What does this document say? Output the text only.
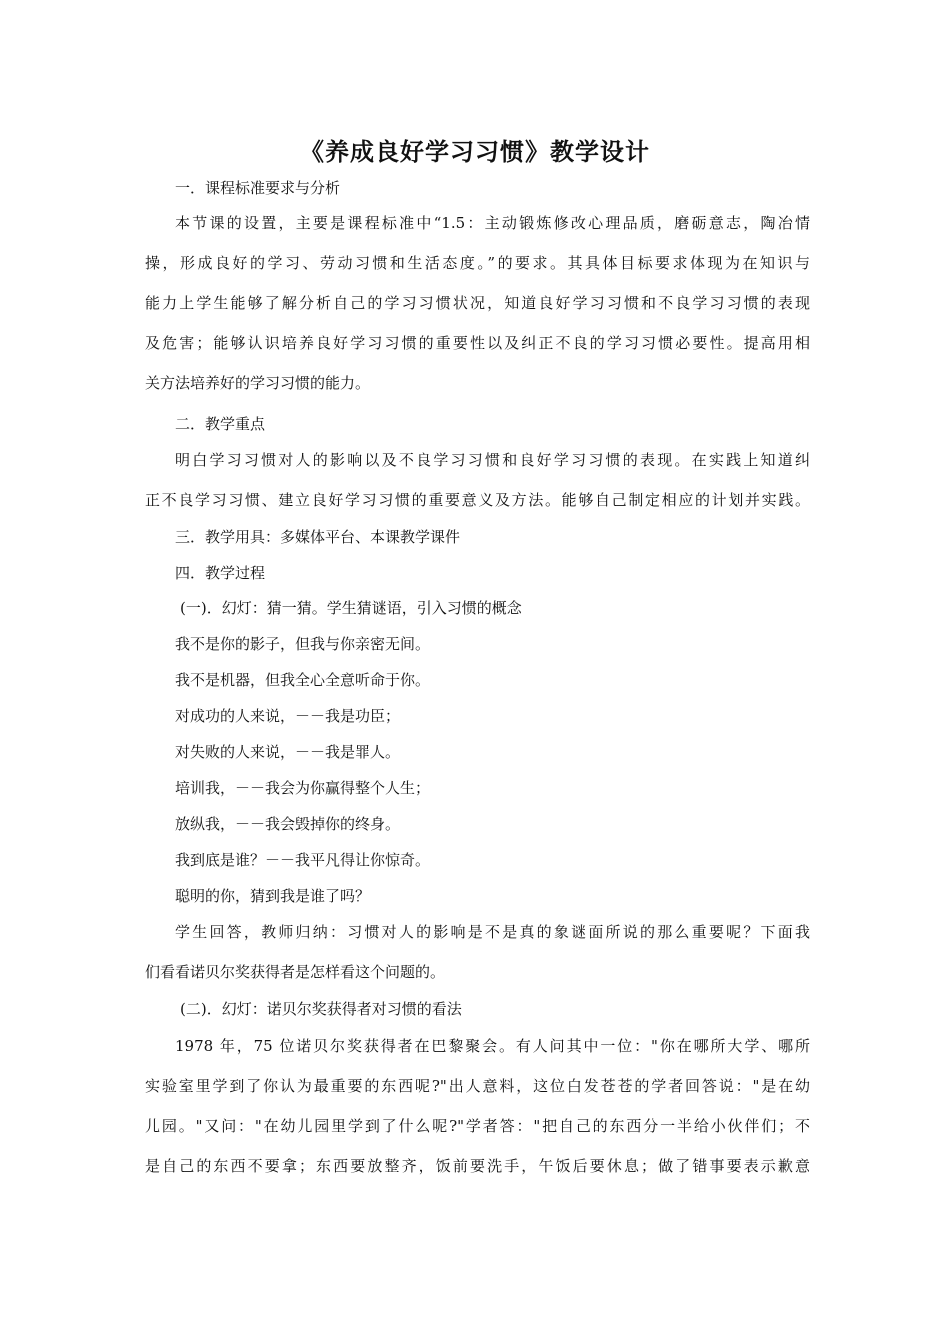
《养成良好学习习惯》教学设计
一．课程标准要求与分析
本节课的设置，主要是课程标准中“1.5：主动锻炼修改心理品质，磨砺意志，陶冶情
操，形成良好的学习、劳动习惯和生活态度。”的要求。其具体目标要求体现为在知识与
能力上学生能够了解分析自己的学习习惯状况，知道良好学习习惯和不良学习习惯的表现
及危害；能够认识培养良好学习习惯的重要性以及纠正不良的学习习惯必要性。提高用相
关方法培养好的学习习惯的能力。
二．教学重点
明白学习习惯对人的影响以及不良学习习惯和良好学习习惯的表现。在实践上知道纠
正不良学习习惯、建立良好学习习惯的重要意义及方法。能够自己制定相应的计划并实践。
三．教学用具：多媒体平台、本课教学课件
四．教学过程
(一)．幻灯：猜一猜。学生猜谜语，引入习惯的概念
我不是你的影子，但我与你亲密无间。
我不是机器，但我全心全意听命于你。
对成功的人来说，－－我是功臣；
对失败的人来说，－－我是罪人。
培训我，－－我会为你赢得整个人生；
放纵我，－－我会毁掉你的终身。
我到底是谁？－－我平凡得让你惊奇。
聪明的你，猜到我是谁了吗？
学生回答，教师归纳：习惯对人的影响是不是真的象谜面所说的那么重要呢？下面我
们看看诺贝尔奖获得者是怎样看这个问题的。
(二)．幻灯：诺贝尔奖获得者对习惯的看法
1978 年，75 位诺贝尔奖获得者在巴黎聚会。有人问其中一位："你在哪所大学、哪所
实验室里学到了你认为最重要的东西呢?"出人意料，这位白发苍苍的学者回答说："是在幼
儿园。"又问："在幼儿园里学到了什么呢?"学者答："把自己的东西分一半给小伙伴们；不
是自己的东西不要拿；东西要放整齐，饭前要洗手，午饭后要休息；做了错事要表示歉意
